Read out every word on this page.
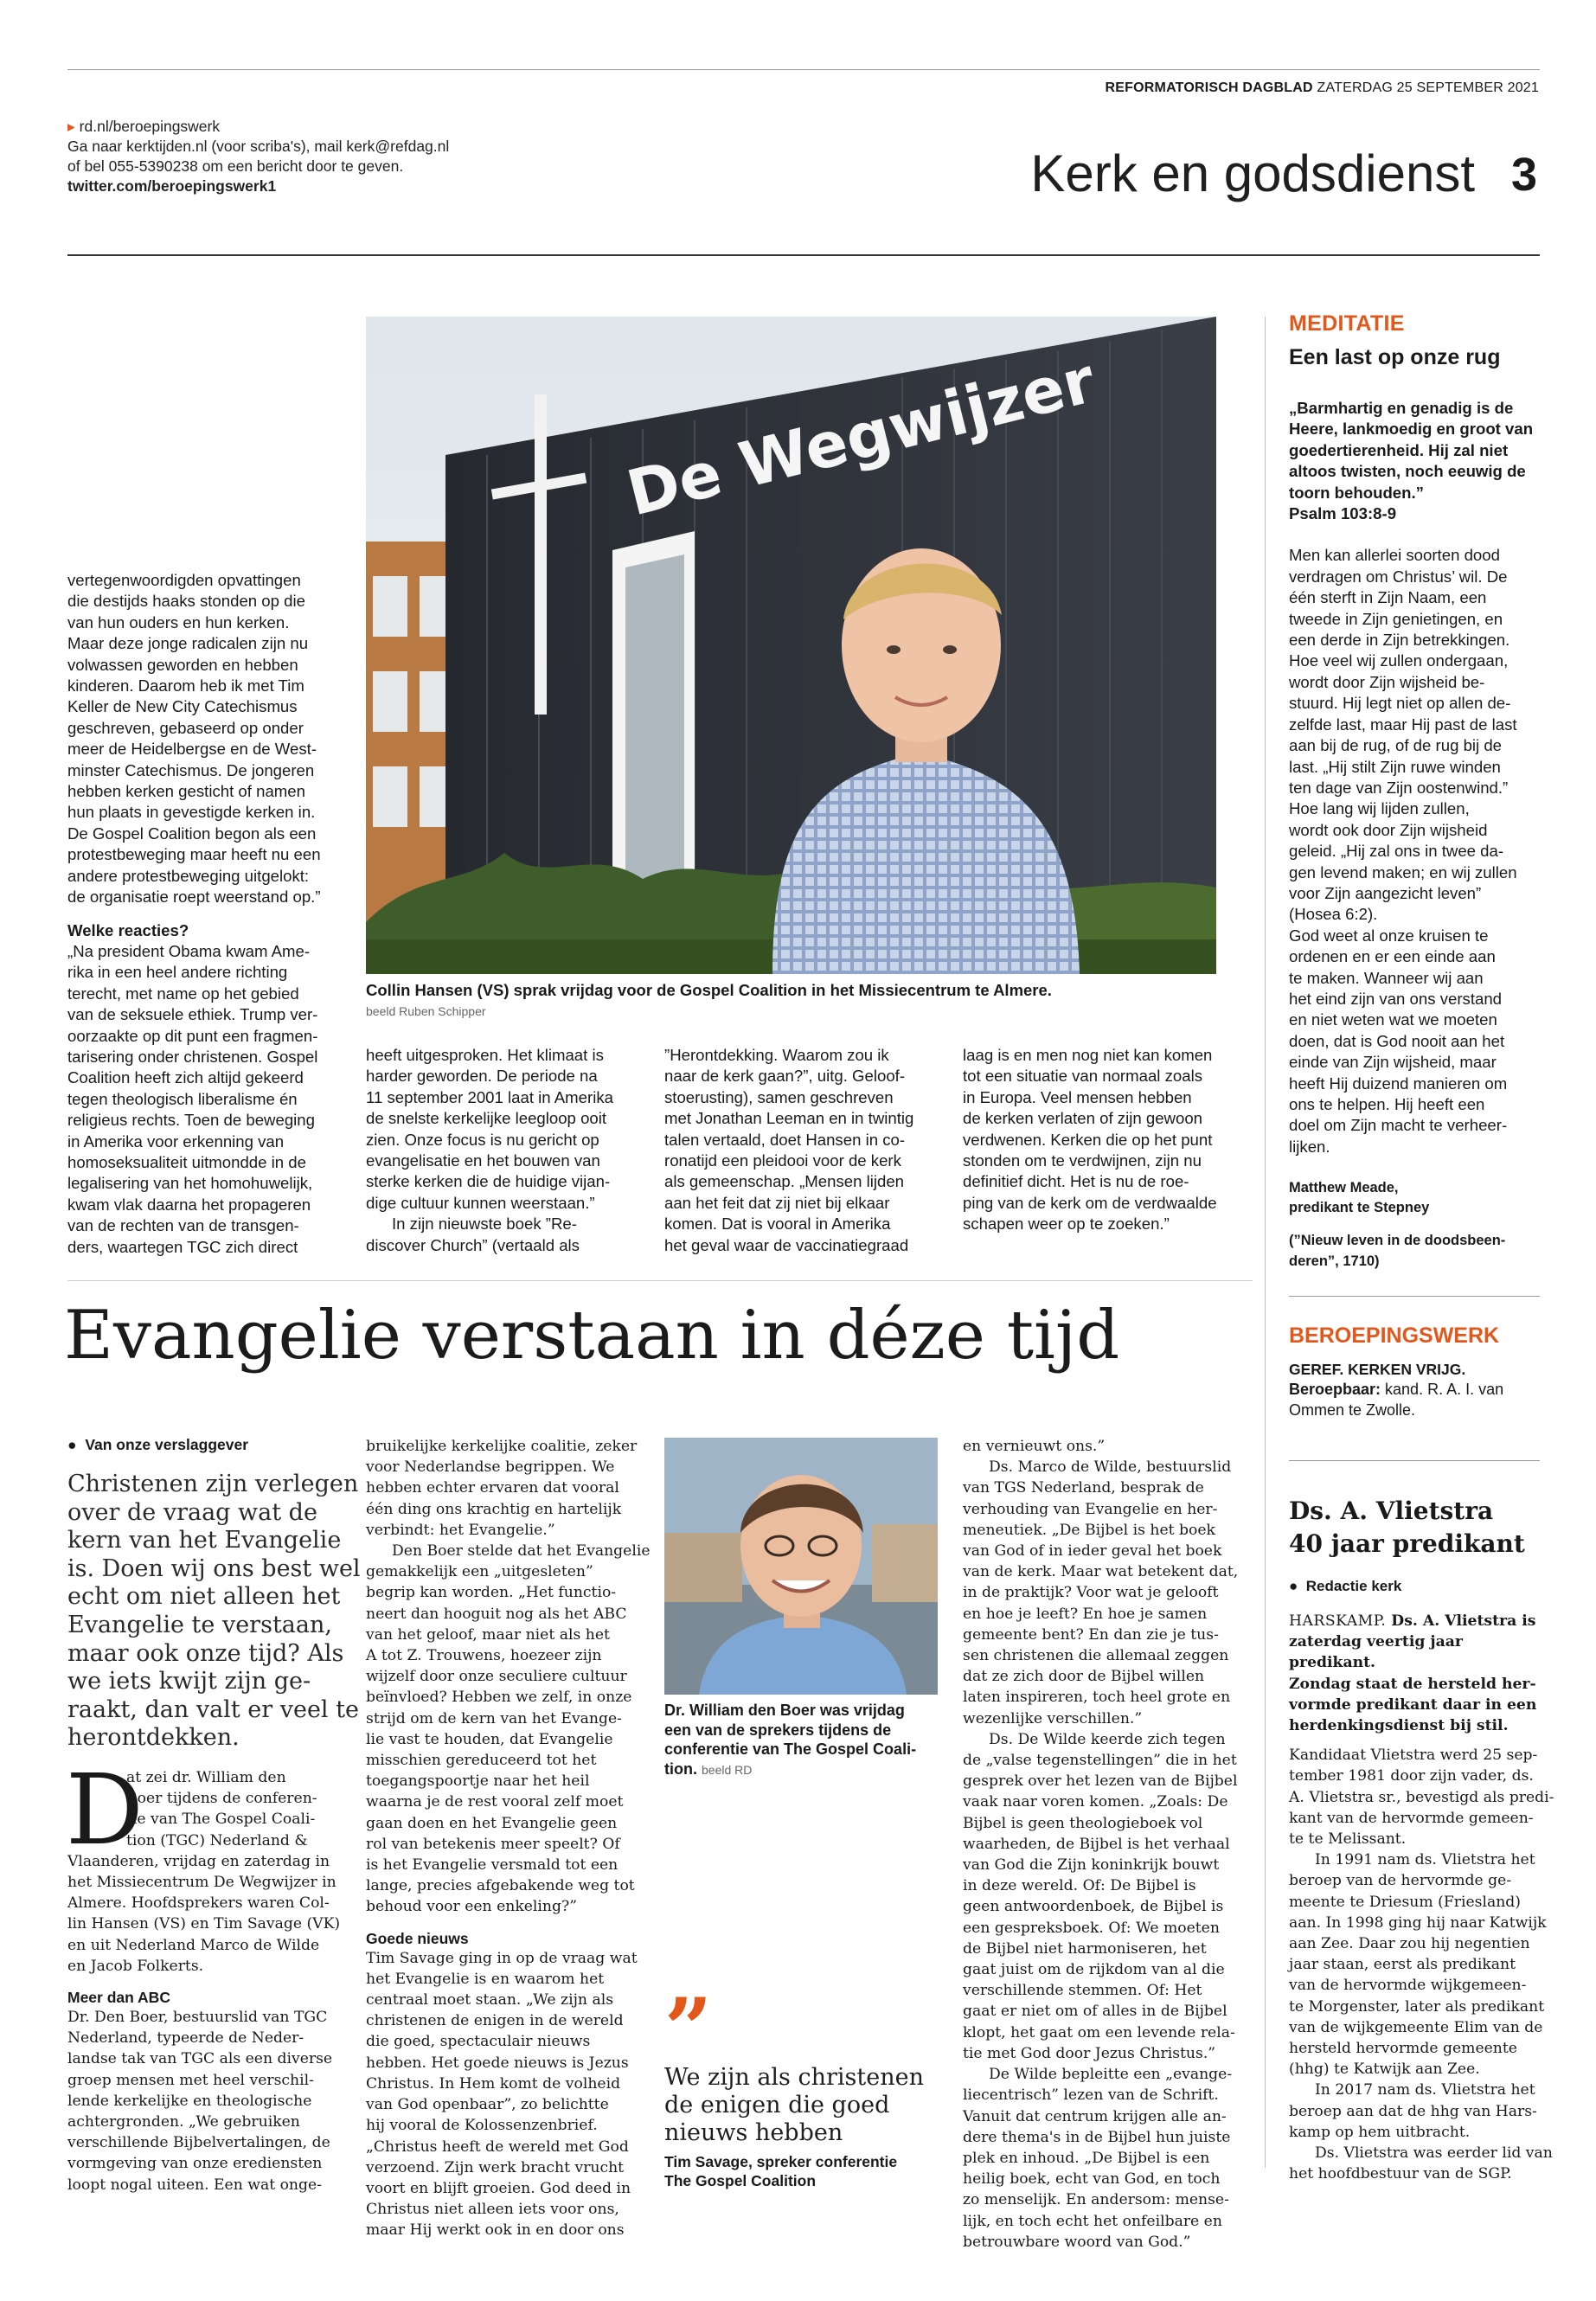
REFORMATORISCH DAGBLAD ZATERDAG 25 SEPTEMBER 2021
▸ rd.nl/beroepingswerk
Ga naar kerktijden.nl (voor scriba's), mail kerk@refdag.nl
of bel 055-5390238 om een bericht door te geven.
twitter.com/beroepingswerk1	Kerk en godsdienst 3
De Wegwijzer
Collin Hansen (VS) sprak vrijdag voor de Gospel Coalition in het Missiecentrum te Almere.
beeld Ruben Schipper
vertegenwoordigden opvattingen
die destijds haaks stonden op die
van hun ouders en hun kerken.
Maar deze jonge radicalen zijn nu
volwassen geworden en hebben
kinderen. Daarom heb ik met Tim
Keller de New City Catechismus
geschreven, gebaseerd op onder
meer de Heidelbergse en de West-
minster Catechismus. De jongeren
hebben kerken gesticht of namen
hun plaats in gevestigde kerken in.
De Gospel Coalition begon als een
protestbeweging maar heeft nu een
andere protestbeweging uitgelokt:
de organisatie roept weerstand op.”
Welke reacties?
„Na president Obama kwam Ame-
rika in een heel andere richting
terecht, met name op het gebied
van de seksuele ethiek. Trump ver-
oorzaakte op dit punt een fragmen-
tarisering onder christenen. Gospel
Coalition heeft zich altijd gekeerd
tegen theologisch liberalisme én
religieus rechts. Toen de beweging
in Amerika voor erkenning van
homoseksualiteit uitmondde in de
legalisering van het homohuwelijk,
kwam vlak daarna het propageren
van de rechten van de transgen-
ders, waartegen TGC zich direct
heeft uitgesproken. Het klimaat is
harder geworden. De periode na
11 september 2001 laat in Amerika
de snelste kerkelijke leegloop ooit
zien. Onze focus is nu gericht op
evangelisatie en het bouwen van
sterke kerken die de huidige vijan-
dige cultuur kunnen weerstaan.”
In zijn nieuwste boek ”Re-
discover Church” (vertaald als
”Herontdekking. Waarom zou ik
naar de kerk gaan?”, uitg. Geloof-
stoerusting), samen geschreven
met Jonathan Leeman en in twintig
talen vertaald, doet Hansen in co-
ronatijd een pleidooi voor de kerk
als gemeenschap. „Mensen lijden
aan het feit dat zij niet bij elkaar
komen. Dat is vooral in Amerika
het geval waar de vaccinatiegraad
laag is en men nog niet kan komen
tot een situatie van normaal zoals
in Europa. Veel mensen hebben
de kerken verlaten of zijn gewoon
verdwenen. Kerken die op het punt
stonden om te verdwijnen, zijn nu
definitief dicht. Het is nu de roe-
ping van de kerk om de verdwaalde
schapen weer op te zoeken.”
MEDITATIE
Een last op onze rug
„Barmhartig en genadig is de
Heere, lankmoedig en groot van
goedertierenheid. Hij zal niet
altoos twisten, noch eeuwig de
toorn behouden.”
Psalm 103:8-9
Men kan allerlei soorten dood
verdragen om Christus’ wil. De
één sterft in Zijn Naam, een
tweede in Zijn genietingen, en
een derde in Zijn betrekkingen.
Hoe veel wij zullen ondergaan,
wordt door Zijn wijsheid be-
stuurd. Hij legt niet op allen de-
zelfde last, maar Hij past de last
aan bij de rug, of de rug bij de
last. „Hij stilt Zijn ruwe winden
ten dage van Zijn oostenwind.”
Hoe lang wij lijden zullen,
wordt ook door Zijn wijsheid
geleid. „Hij zal ons in twee da-
gen levend maken; en wij zullen
voor Zijn aangezicht leven”
(Hosea 6:2).
God weet al onze kruisen te
ordenen en er een einde aan
te maken. Wanneer wij aan
het eind zijn van ons verstand
en niet weten wat we moeten
doen, dat is God nooit aan het
einde van Zijn wijsheid, maar
heeft Hij duizend manieren om
ons te helpen. Hij heeft een
doel om Zijn macht te verheer-
lijken.
Matthew Meade,
predikant te Stepney
(”Nieuw leven in de doodsbeen-
deren”, 1710)
BEROEPINGSWERK
GEREF. KERKEN VRIJG.
Beroepbaar: kand. R. A. I. van
Ommen te Zwolle.
Ds. A. Vlietstra
40 jaar predikant
● Redactie kerk
HARSKAMP. Ds. A. Vlietstra is
zaterdag veertig jaar predikant.
Zondag staat de hersteld her-
vormde predikant daar in een
herdenkingsdienst bij stil.
Kandidaat Vlietstra werd 25 sep-
tember 1981 door zijn vader, ds.
A. Vlietstra sr., bevestigd als predi-
kant van de hervormde gemeen-
te te Melissant.
In 1991 nam ds. Vlietstra het
beroep van de hervormde ge-
meente te Driesum (Friesland)
aan. In 1998 ging hij naar Katwijk
aan Zee. Daar zou hij negentien
jaar staan, eerst als predikant
van de hervormde wijkgemeen-
te Morgenster, later als predikant
van de wijkgemeente Elim van de
hersteld hervormde gemeente
(hhg) te Katwijk aan Zee.
In 2017 nam ds. Vlietstra het
beroep aan dat de hhg van Hars-
kamp op hem uitbracht.
Ds. Vlietstra was eerder lid van
het hoofdbestuur van de SGP.
Evangelie verstaan in déze tijd
● Van onze verslaggever
Christenen zijn verlegen
over de vraag wat de
kern van het Evangelie
is. Doen wij ons best wel
echt om niet alleen het
Evangelie te verstaan,
maar ook onze tijd? Als
we iets kwijt zijn ge-
raakt, dan valt er veel te
herontdekken.
D
at zei dr. William den
Boer tijdens de conferen-
tie van The Gospel Coali-
tion (TGC) Nederland &
Vlaanderen, vrijdag en zaterdag in
het Missiecentrum De Wegwijzer in
Almere. Hoofdsprekers waren Col-
lin Hansen (VS) en Tim Savage (VK)
en uit Nederland Marco de Wilde
en Jacob Folkerts.
Meer dan ABC
Dr. Den Boer, bestuurslid van TGC
Nederland, typeerde de Neder-
landse tak van TGC als een diverse
groep mensen met heel verschil-
lende kerkelijke en theologische
achtergronden. „We gebruiken
verschillende Bijbelvertalingen, de
vormgeving van onze erediensten
loopt nogal uiteen. Een wat onge-
bruikelijke kerkelijke coalitie, zeker
voor Nederlandse begrippen. We
hebben echter ervaren dat vooral
één ding ons krachtig en hartelijk
verbindt: het Evangelie.”
Den Boer stelde dat het Evangelie
gemakkelijk een „uitgesleten”
begrip kan worden. „Het functio-
neert dan hooguit nog als het ABC
van het geloof, maar niet als het
A tot Z. Trouwens, hoezeer zijn
wijzelf door onze seculiere cultuur
beïnvloed? Hebben we zelf, in onze
strijd om de kern van het Evange-
lie vast te houden, dat Evangelie
misschien gereduceerd tot het
toegangspoortje naar het heil
waarna je de rest vooral zelf moet
gaan doen en het Evangelie geen
rol van betekenis meer speelt? Of
is het Evangelie versmald tot een
lange, precies afgebakende weg tot
behoud voor een enkeling?”
Goede nieuws
Tim Savage ging in op de vraag wat
het Evangelie is en waarom het
centraal moet staan. „We zijn als
christenen de enigen in de wereld
die goed, spectaculair nieuws
hebben. Het goede nieuws is Jezus
Christus. In Hem komt de volheid
van God openbaar”, zo belichtte
hij vooral de Kolossenzenbrief.
„Christus heeft de wereld met God
verzoend. Zijn werk bracht vrucht
voort en blijft groeien. God deed in
Christus niet alleen iets voor ons,
maar Hij werkt ook in en door ons
Dr. William den Boer was vrijdag
een van de sprekers tijdens de
conferentie van The Gospel Coali-
tion. beeld RD
”
We zijn als christenen
de enigen die goed
nieuws hebben
Tim Savage, spreker conferentie
The Gospel Coalition
en vernieuwt ons.”
Ds. Marco de Wilde, bestuurslid
van TGS Nederland, besprak de
verhouding van Evangelie en her-
meneutiek. „De Bijbel is het boek
van God of in ieder geval het boek
van de kerk. Maar wat betekent dat,
in de praktijk? Voor wat je gelooft
en hoe je leeft? En hoe je samen
gemeente bent? En dan zie je tus-
sen christenen die allemaal zeggen
dat ze zich door de Bijbel willen
laten inspireren, toch heel grote en
wezenlijke verschillen.”
Ds. De Wilde keerde zich tegen
de „valse tegenstellingen” die in het
gesprek over het lezen van de Bijbel
vaak naar voren komen. „Zoals: De
Bijbel is geen theologieboek vol
waarheden, de Bijbel is het verhaal
van God die Zijn koninkrijk bouwt
in deze wereld. Of: De Bijbel is
geen antwoordenboek, de Bijbel is
een gespreksboek. Of: We moeten
de Bijbel niet harmoniseren, het
gaat juist om de rijkdom van al die
verschillende stemmen. Of: Het
gaat er niet om of alles in de Bijbel
klopt, het gaat om een levende rela-
tie met God door Jezus Christus.”
De Wilde bepleitte een „evange-
liecentrisch” lezen van de Schrift.
Vanuit dat centrum krijgen alle an-
dere thema's in de Bijbel hun juiste
plek en inhoud. „De Bijbel is een
heilig boek, echt van God, en toch
zo menselijk. En andersom: mense-
lijk, en toch echt het onfeilbare en
betrouwbare woord van God.”
